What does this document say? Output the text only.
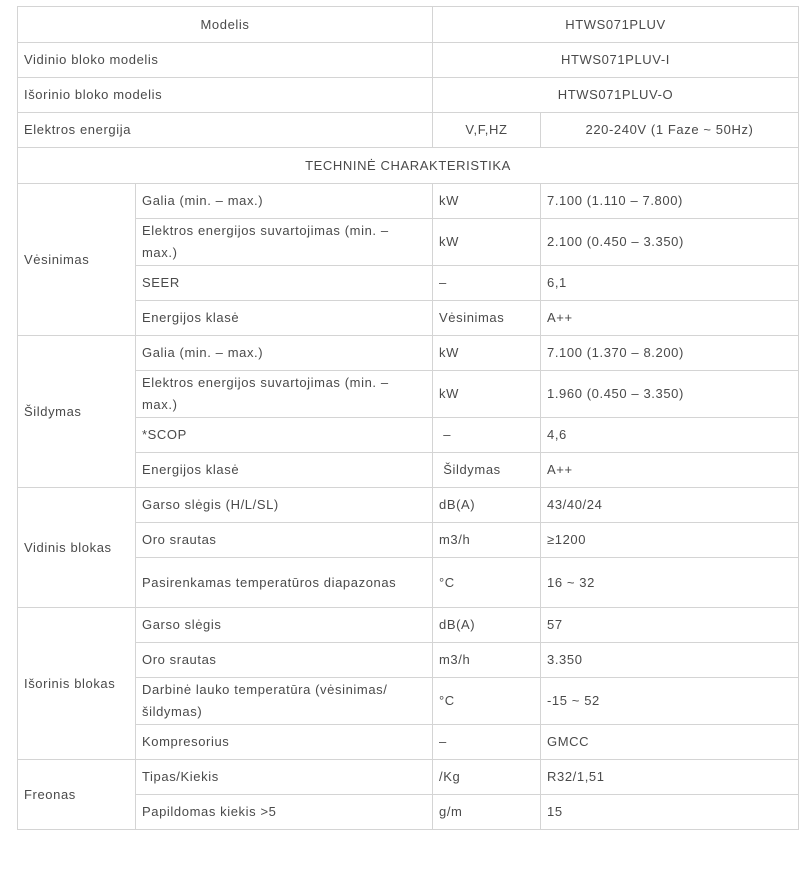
Modelis		HTWS071PLUV	
Vidinio bloko modelis		HTWS071PLUV-I	
Išorinio bloko modelis		HTWS071PLUV-O	
Elektros energija		V,F,HZ	220-240V (1 Faze ~ 50Hz)
TECHNINĖ CHARAKTERISTIKA			
Vėsinimas	Galia (min. – max.)	kW	7.100 (1.110 – 7.800)
	Elektros energijos suvartojimas (min. – max.)	kW	2.100 (0.450 – 3.350)
	SEER	–	6,1
	Energijos klasė	Vėsinimas	A++
Šildymas	Galia (min. – max.)	kW	7.100 (1.370 – 8.200)
	Elektros energijos suvartojimas (min. – max.)	kW	1.960 (0.450 – 3.350)
	*SCOP	–	4,6
	Energijos klasė	Šildymas	A++
Vidinis blokas	Garso slėgis (H/L/SL)	dB(A)	43/40/24
	Oro srautas	m3/h	≥1200
	Pasirenkamas temperatūros diapazonas	°C	16 ~ 32
Išorinis blokas	Garso slėgis	dB(A)	57
	Oro srautas	m3/h	3.350
	Darbinė lauko temperatūra (vėsinimas/šildymas)	°C	-15 ~ 52
	Kompresorius	–	GMCC
Freonas	Tipas/Kiekis	/Kg	R32/1,51
	Papildomas kiekis >5	g/m	15
